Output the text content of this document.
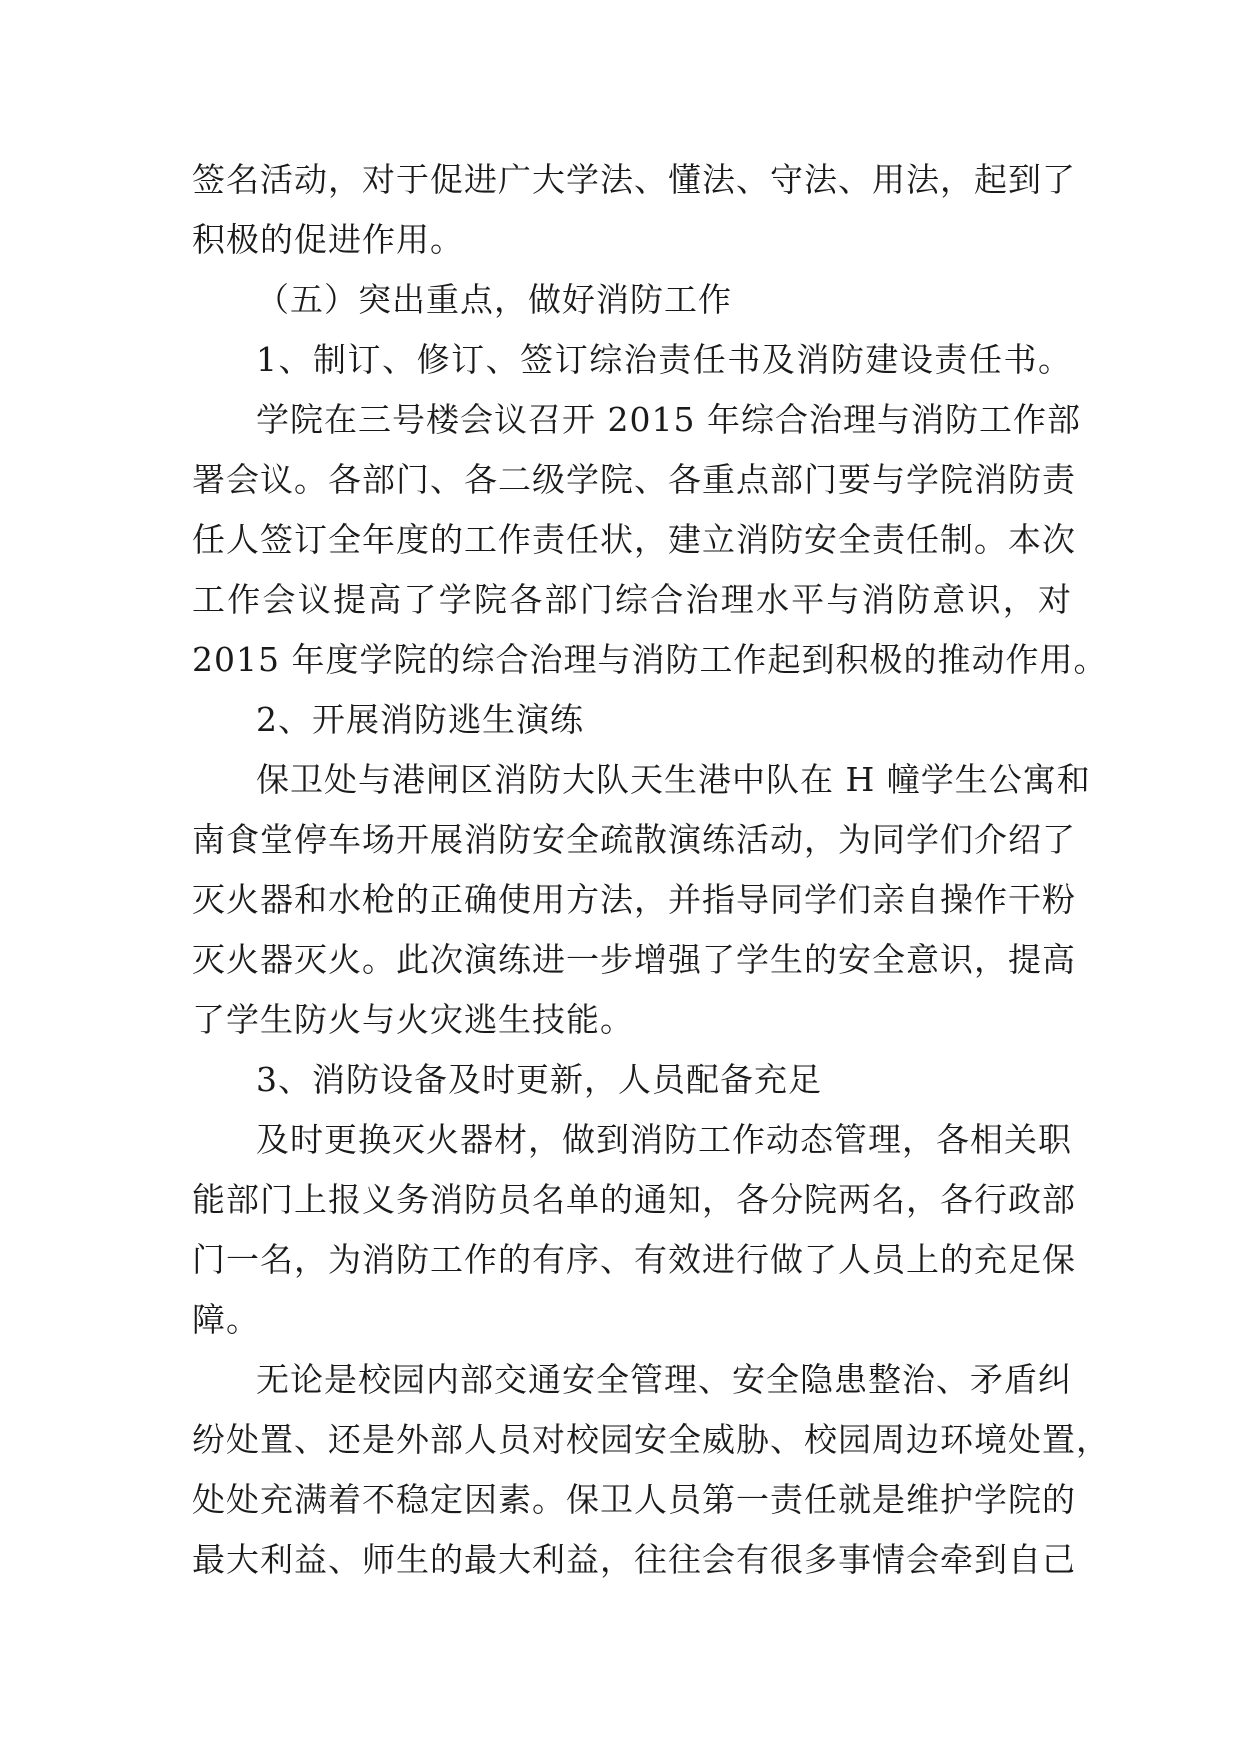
签名活动，对于促进广大学法、懂法、守法、用法，起到了
积极的促进作用。
（五）突出重点，做好消防工作
1、制订、修订、签订综治责任书及消防建设责任书。
学院在三号楼会议召开 2015 年综合治理与消防工作部
署会议。各部门、各二级学院、各重点部门要与学院消防责
任人签订全年度的工作责任状，建立消防安全责任制。本次
工作会议提高了学院各部门综合治理水平与消防意识，对
2015 年度学院的综合治理与消防工作起到积极的推动作用。
2、开展消防逃生演练
保卫处与港闸区消防大队天生港中队在 H 幢学生公寓和
南食堂停车场开展消防安全疏散演练活动，为同学们介绍了
灭火器和水枪的正确使用方法，并指导同学们亲自操作干粉
灭火器灭火。此次演练进一步增强了学生的安全意识，提高
了学生防火与火灾逃生技能。
3、消防设备及时更新，人员配备充足
及时更换灭火器材，做到消防工作动态管理，各相关职
能部门上报义务消防员名单的通知，各分院两名，各行政部
门一名，为消防工作的有序、有效进行做了人员上的充足保
障。
无论是校园内部交通安全管理、安全隐患整治、矛盾纠
纷处置、还是外部人员对校园安全威胁、校园周边环境处置，
处处充满着不稳定因素。保卫人员第一责任就是维护学院的
最大利益、师生的最大利益，往往会有很多事情会牵到自己
